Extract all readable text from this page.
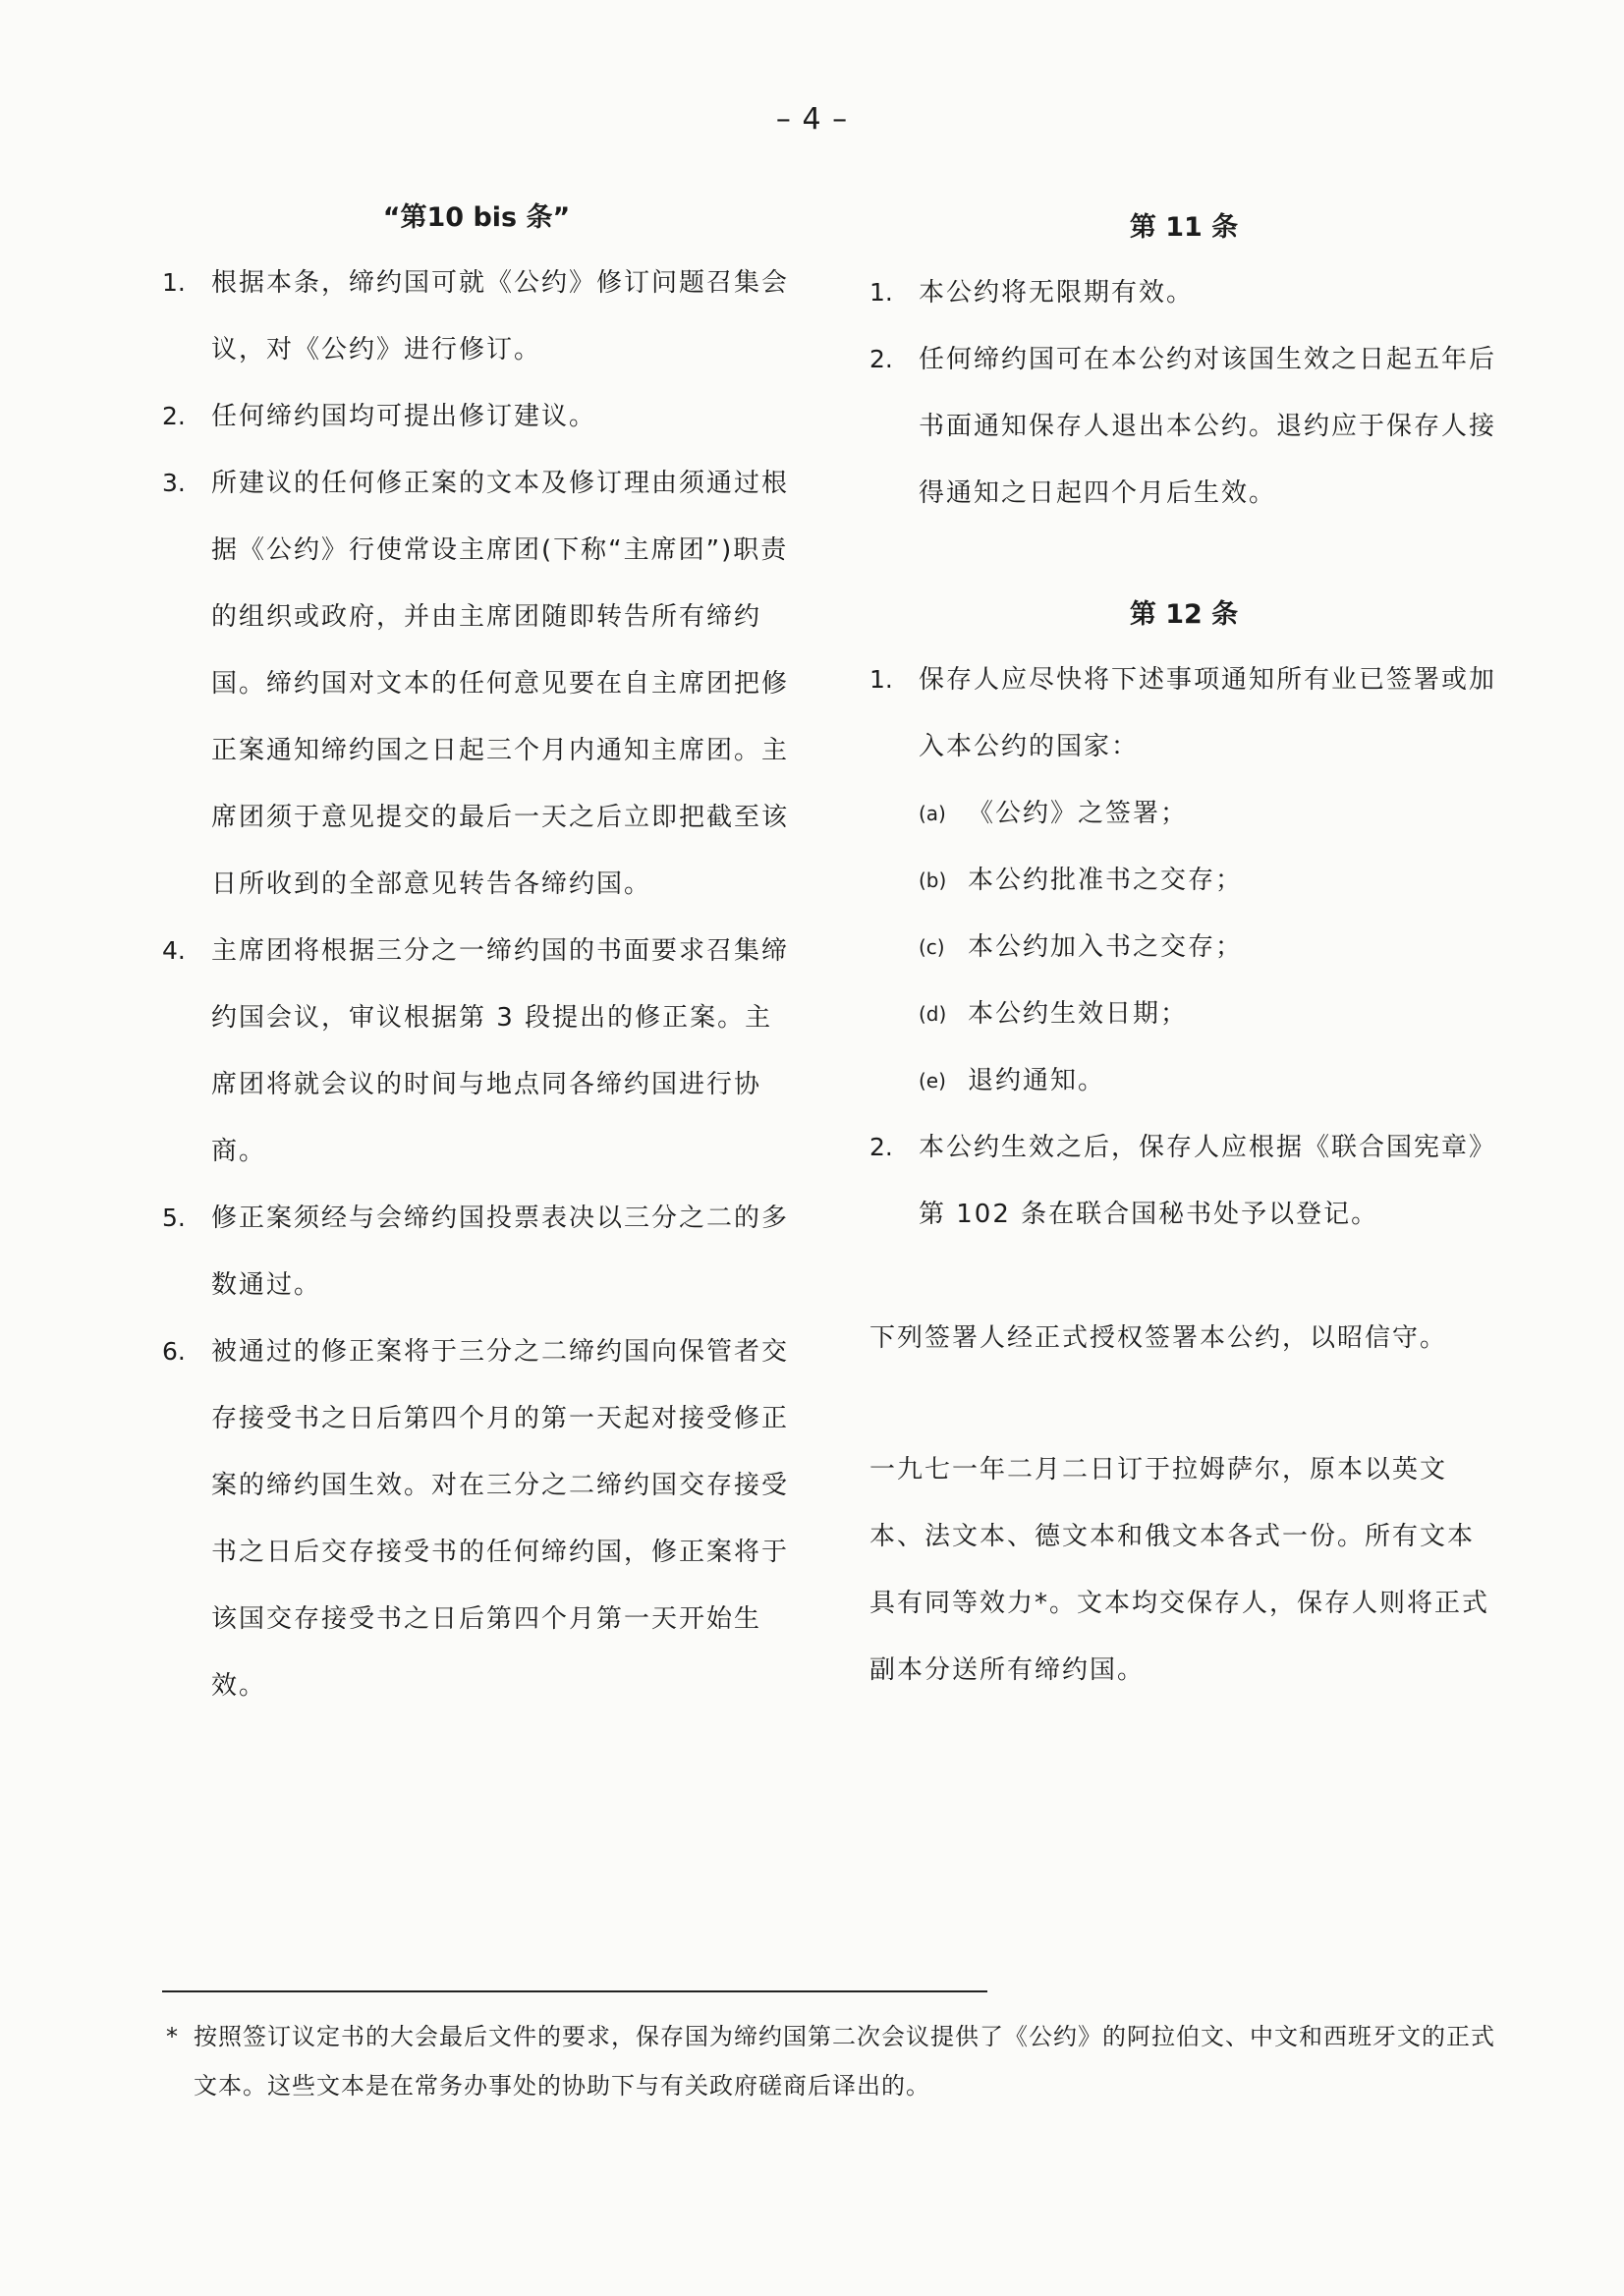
– 4 –
“第10 bis 条”
1. 根据本条，缔约国可就《公约》修订问题召集会议，对《公约》进行修订。
2. 任何缔约国均可提出修订建议。
3. 所建议的任何修正案的文本及修订理由须通过根据《公约》行使常设主席团(下称“主席团”)职责的组织或政府，并由主席团随即转告所有缔约国。缔约国对文本的任何意见要在自主席团把修正案通知缔约国之日起三个月内通知主席团。主席团须于意见提交的最后一天之后立即把截至该日所收到的全部意见转告各缔约国。
4. 主席团将根据三分之一缔约国的书面要求召集缔约国会议，审议根据第 3 段提出的修正案。主席团将就会议的时间与地点同各缔约国进行协商。
5. 修正案须经与会缔约国投票表决以三分之二的多数通过。
6. 被通过的修正案将于三分之二缔约国向保管者交存接受书之日后第四个月的第一天起对接受修正案的缔约国生效。对在三分之二缔约国交存接受书之日后交存接受书的任何缔约国，修正案将于该国交存接受书之日后第四个月第一天开始生效。
第 11 条
1. 本公约将无限期有效。
2. 任何缔约国可在本公约对该国生效之日起五年后书面通知保存人退出本公约。退约应于保存人接得通知之日起四个月后生效。
第 12 条
1. 保存人应尽快将下述事项通知所有业已签署或加入本公约的国家：
(a) 《公约》之签署；
(b) 本公约批准书之交存；
(c) 本公约加入书之交存；
(d) 本公约生效日期；
(e) 退约通知。
2. 本公约生效之后，保存人应根据《联合国宪章》第 102 条在联合国秘书处予以登记。
下列签署人经正式授权签署本公约，以昭信守。
一九七一年二月二日订于拉姆萨尔，原本以英文本、法文本、德文本和俄文本各式一份。所有文本具有同等效力*。文本均交保存人，保存人则将正式副本分送所有缔约国。
* 按照签订议定书的大会最后文件的要求，保存国为缔约国第二次会议提供了《公约》的阿拉伯文、中文和西班牙文的正式文本。这些文本是在常务办事处的协助下与有关政府磋商后译出的。
